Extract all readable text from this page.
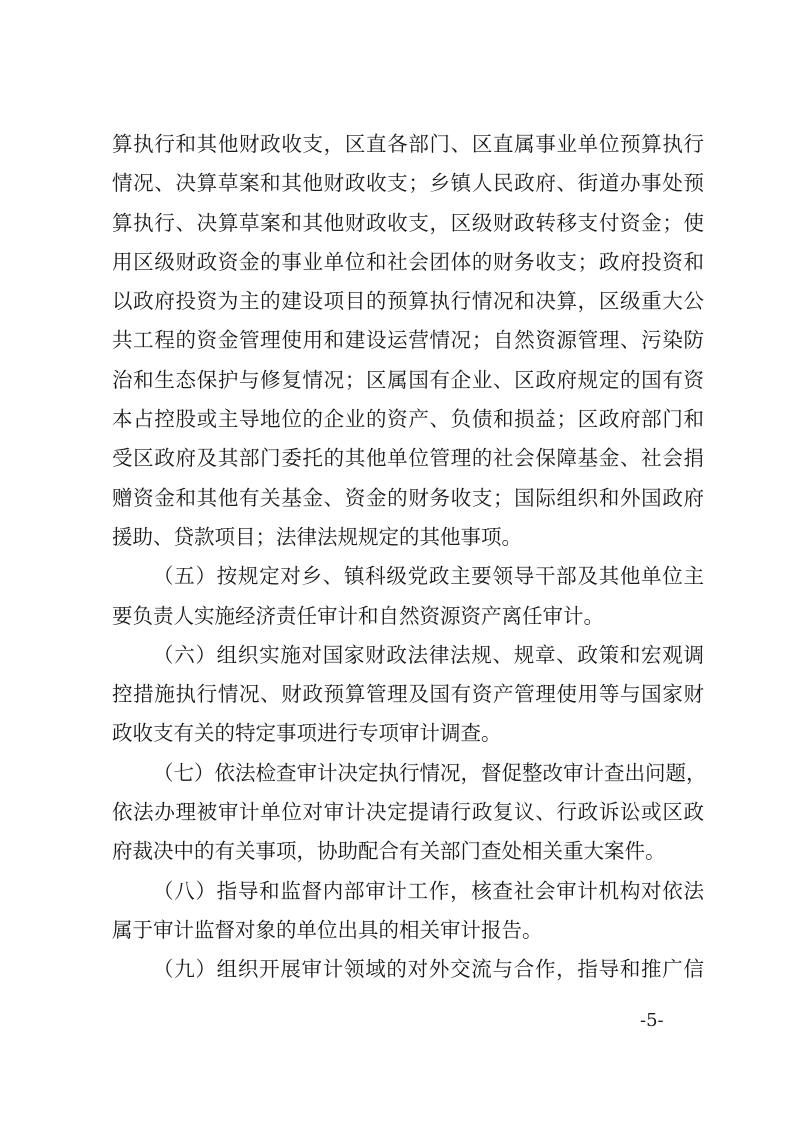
算执行和其他财政收支，区直各部门、区直属事业单位预算执行
情况、决算草案和其他财政收支；乡镇人民政府、街道办事处预
算执行、决算草案和其他财政收支，区级财政转移支付资金；使
用区级财政资金的事业单位和社会团体的财务收支；政府投资和
以政府投资为主的建设项目的预算执行情况和决算，区级重大公
共工程的资金管理使用和建设运营情况；自然资源管理、污染防
治和生态保护与修复情况；区属国有企业、区政府规定的国有资
本占控股或主导地位的企业的资产、负债和损益；区政府部门和
受区政府及其部门委托的其他单位管理的社会保障基金、社会捐
赠资金和其他有关基金、资金的财务收支；国际组织和外国政府
援助、贷款项目；法律法规规定的其他事项。
（五）按规定对乡、镇科级党政主要领导干部及其他单位主
要负责人实施经济责任审计和自然资源资产离任审计。
（六）组织实施对国家财政法律法规、规章、政策和宏观调
控措施执行情况、财政预算管理及国有资产管理使用等与国家财
政收支有关的特定事项进行专项审计调查。
（七）依法检查审计决定执行情况，督促整改审计查出问题，
依法办理被审计单位对审计决定提请行政复议、行政诉讼或区政
府裁决中的有关事项，协助配合有关部门查处相关重大案件。
（八）指导和监督内部审计工作，核查社会审计机构对依法
属于审计监督对象的单位出具的相关审计报告。
（九）组织开展审计领域的对外交流与合作，指导和推广信
-5-
